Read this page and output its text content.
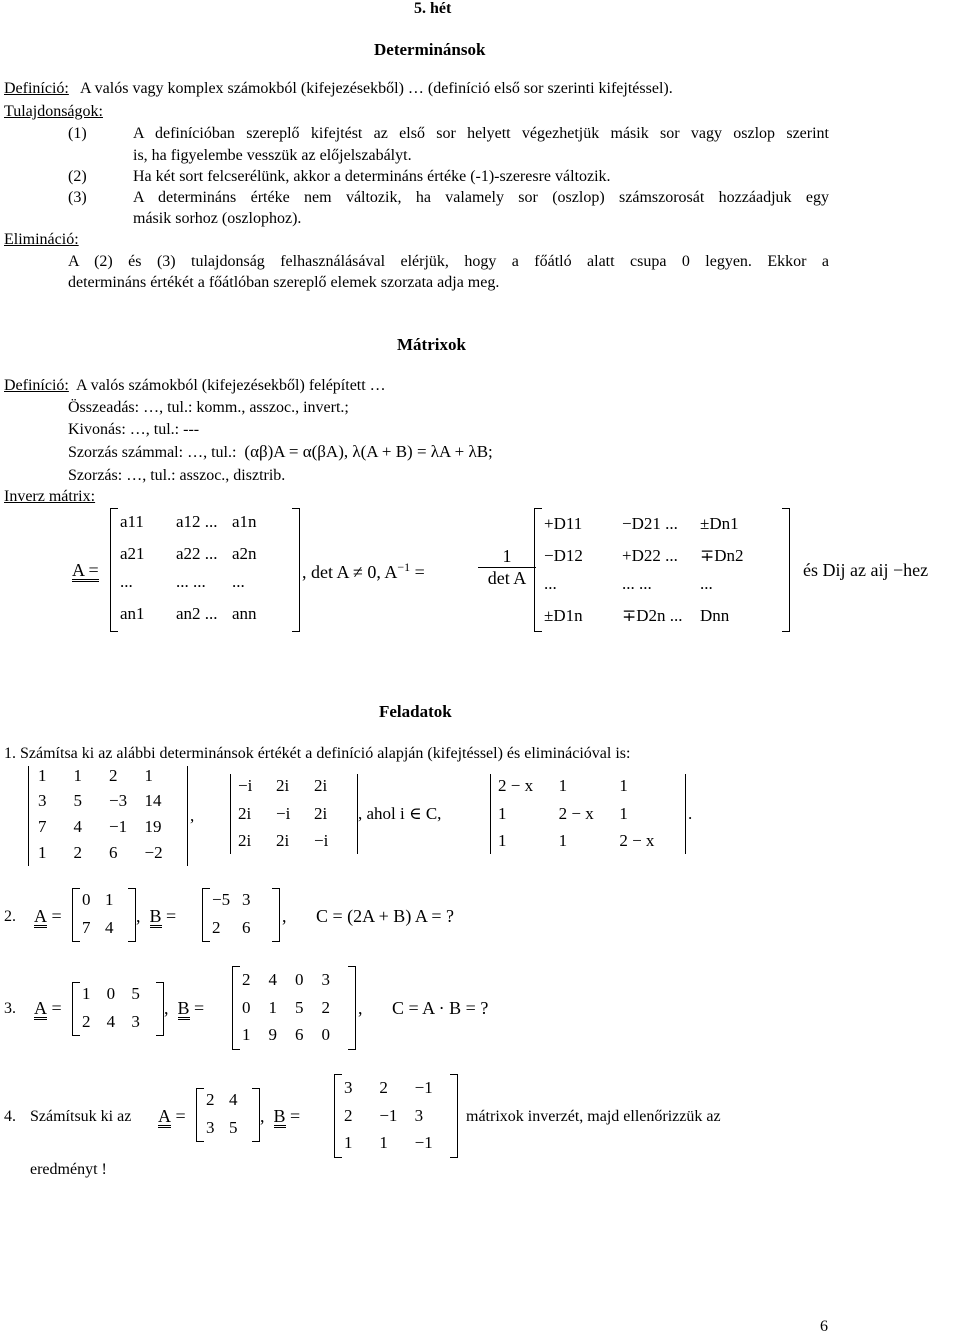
5. hét
Determinánsok
Definíció: A valós vagy komplex számokból (kifejezésekből) … (definíció első sor szerinti kifejtéssel).
Tulajdonságok:
(1)	A definícióban szereplő kifejtést az első sor helyett végezhetjük másik sor vagy oszlop szerint
is, ha figyelembe vesszük az előjelszabályt.
(2)	Ha két sort felcserélünk, akkor a determináns értéke (-1)-szeresre változik.
(3)	A determináns értéke nem változik, ha valamely sor (oszlop) számszorosát hozzáadjuk egy
másik sorhoz (oszlophoz).
Elimináció:
A (2) és (3) tulajdonság felhasználásával elérjük, hogy a főátló alatt csupa 0 legyen. Ekkor a
determináns értékét a főátlóban szereplő elemek szorzata adja meg.
Mátrixok
Definíció: A valós számokból (kifejezésekből) felépített …
Összeadás: …, tul.: komm., asszoc., invert.;
Kivonás: …, tul.: ---
Szorzás számmal: …, tul.: (αβ)A = α(βA), λ(A + B) = λA + λB;
Szorzás: …, tul.: asszoc., disztrib.
Inverz mátrix:
A =
a11	a12 ... a1n
a21	a22 ... a2n
...	... ...	...
an1	an2 ... ann
, det A ≠ 0, $A^{-1}$ =
1
det A
+D11	−D21 ...	±Dn1
−D12	+D22 ...	∓Dn2
...	... ...	...
±D1n	∓D2n ...	Dnn
és Dij az aij −hez
Feladatok
1. Számítsa ki az alábbi determinánsok értékét a definíció alapján (kifejtéssel) és eliminációval is:
1	1	2	1
3	5	−3	14
7	4	−1	19
1	2	6	−2
,
−i	2i	2i
2i	−i	2i
2i	2i	−i
, ahol i ∈ C,
2 − x	1	1
1	2 − x	1
1	1	2 − x
.
2. A =
0 1
7 4
,  B =
−5 3
2	6
, C = (2A + B) A = ?
3. A =
1 0 5
2 4 3
,  B =
2	4	0	3
0	1	5	2
1	9	6	0
, C = A · B = ?
4. Számítsuk ki az A =
2 4
3 5
,  B =
3	2	−1
2	−1	3
1	1	−1
mátrixok inverzét, majd ellenőrizzük az
eredményt !
6
